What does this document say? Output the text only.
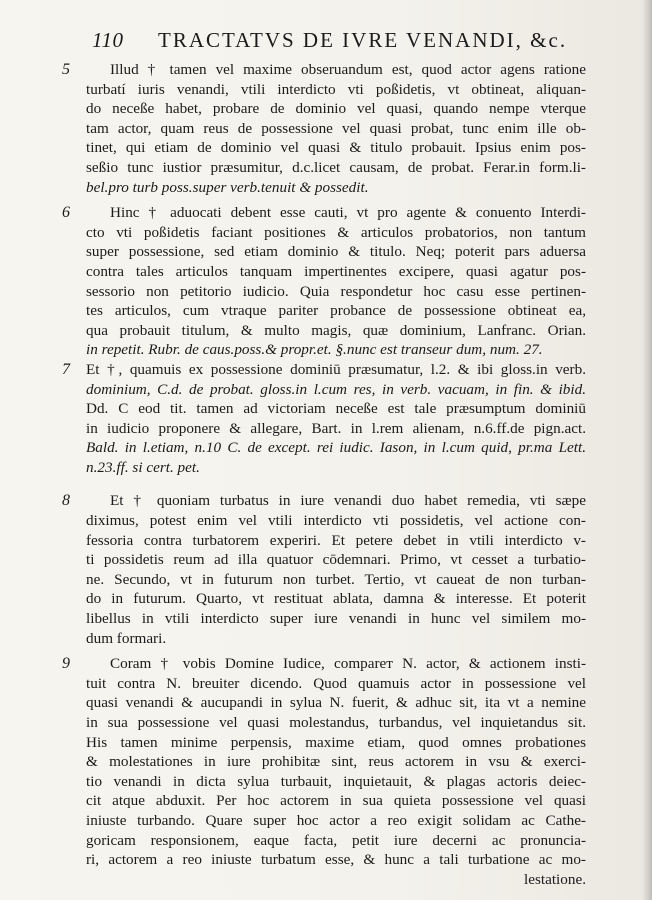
110 TRACTATVS DE IVRE VENANDI, &c.
5	Illud † tamen vel maxime obseruandum est, quod actor agens ratione
turbatí iuris venandi, vtili interdicto vti poßidetis, vt obtineat, aliquan-
do neceße habet, probare de dominio vel quasi, quando nempe vterque
tam actor, quam reus de possessione vel quasi probat, tunc enim ille ob-
tinet, qui etiam de dominio vel quasi & titulo probauit. Ipsius enim pos-
seßio tunc iustior præsumitur, d.c.licet causam, de probat. Ferar.in form.li-
bel.pro turb poss.super verb.tenuit & possedit.
6	Hinc † aduocati debent esse cauti, vt pro agente & conuento Interdi-
cto vti poßidetis faciant positiones & articulos probatorios, non tantum
super possessione, sed etiam dominio & titulo. Neq; poterit pars aduersa
contra tales articulos tanquam impertinentes excipere, quasi agatur pos-
sessorio non petitorio iudicio. Quia respondetur hoc casu esse pertinen-
tes articulos, cum vtraque pariter probance de possessione obtineat ea,
qua probauit titulum, & multo magis, quæ dominium, Lanfranc. Orian.
in repetit. Rubr. de caus.poss.& propr.et. §.nunc est transeur dum, num. 27.
7 Et †, quamuis ex possessione dominiū præsumatur, l.2. & ibi gloss.in verb.
dominium, C.d. de probat. gloss.in l.cum res, in verb. vacuam, in fin. & ibid.
Dd. C eod tit. tamen ad victoriam neceße est tale præsumptum dominiū
in iudicio proponere & allegare, Bart. in l.rem alienam, n.6.ff.de pign.act.
Bald. in l.etiam, n.10 C. de except. rei iudic. Iason, in l.cum quid, pr.ma Lett.
n.23.ff. si cert. pet.
8	Et † quoniam turbatus in iure venandi duo habet remedia, vti sæpe
diximus, potest enim vel vtili interdicto vti possidetis, vel actione con-
fessoria contra turbatorem experiri. Et petere debet in vtili interdicto v-
ti possidetis reum ad illa quatuor cōdemnari. Primo, vt cesset a turbatio-
ne. Secundo, vt in futurum non turbet. Tertio, vt caueat de non turban-
do in futurum. Quarto, vt restituat ablata, damna & interesse. Et poterit
libellus in vtili interdicto super iure venandi in hunc vel similem mo-
dum formari.
9	Coram † vobis Domine Iudice, compareт N. actor, & actionem insti-
tuit contra N. breuiter dicendo. Quod quamuis actor in possessione vel
quasi venandi & aucupandi in sylua N. fuerit, & adhuc sit, ita vt a nemine
in sua possessione vel quasi molestandus, turbandus, vel inquietandus sit.
His tamen minime perpensis, maxime etiam, quod omnes probationes
& molestationes in iure prohibitæ sint, reus actorem in vsu & exerci-
tio venandi in dicta sylua turbauit, inquietauit, & plagas actoris deiec-
cit atque abduxit. Per hoc actorem in sua quieta possessione vel quasi
iniuste turbando. Quare super hoc actor a reo exigit solidam ac Cathe-
goricam responsionem, eaque facta, petit iure decerni ac pronuncia-
ri, actorem a reo iniuste turbatum esse, & hunc a tali turbatione ac mo-
lestatione.
